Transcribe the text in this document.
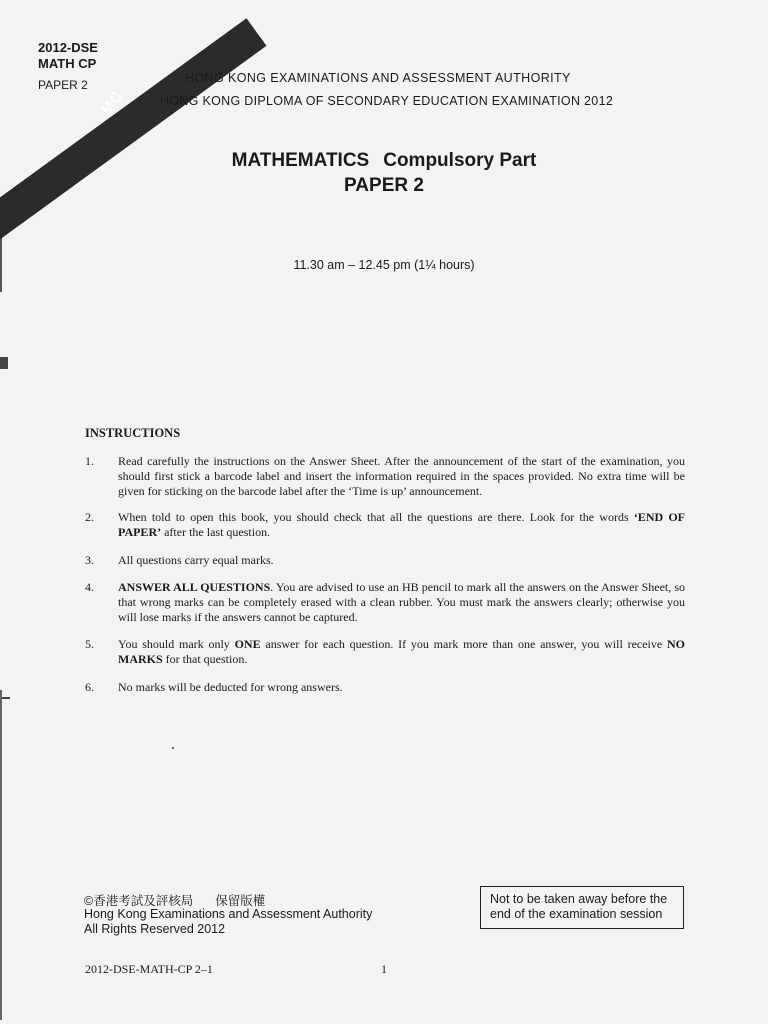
2012-DSE
MATH CP
PAPER 2
MC
HONG KONG EXAMINATIONS AND ASSESSMENT AUTHORITY
HONG KONG DIPLOMA OF SECONDARY EDUCATION EXAMINATION 2012
MATHEMATICS Compulsory Part
PAPER 2
11.30 am – 12.45 pm (1¼ hours)
INSTRUCTIONS
1.	Read carefully the instructions on the Answer Sheet. After the announcement of the start of the examination, you should first stick a barcode label and insert the information required in the spaces provided. No extra time will be given for sticking on the barcode label after the ‘Time is up’ announcement.
2.	When told to open this book, you should check that all the questions are there. Look for the words ‘END OF PAPER’ after the last question.
3.	All questions carry equal marks.
4.	ANSWER ALL QUESTIONS. You are advised to use an HB pencil to mark all the answers on the Answer Sheet, so that wrong marks can be completely erased with a clean rubber. You must mark the answers clearly; otherwise you will lose marks if the answers cannot be captured.
5.	You should mark only ONE answer for each question. If you mark more than one answer, you will receive NO MARKS for that question.
6.	No marks will be deducted for wrong answers.
©香港考試及評核局 保留版權
Hong Kong Examinations and Assessment Authority
All Rights Reserved 2012
Not to be taken away before the
end of the examination session
2012-DSE-MATH-CP 2–1	1
